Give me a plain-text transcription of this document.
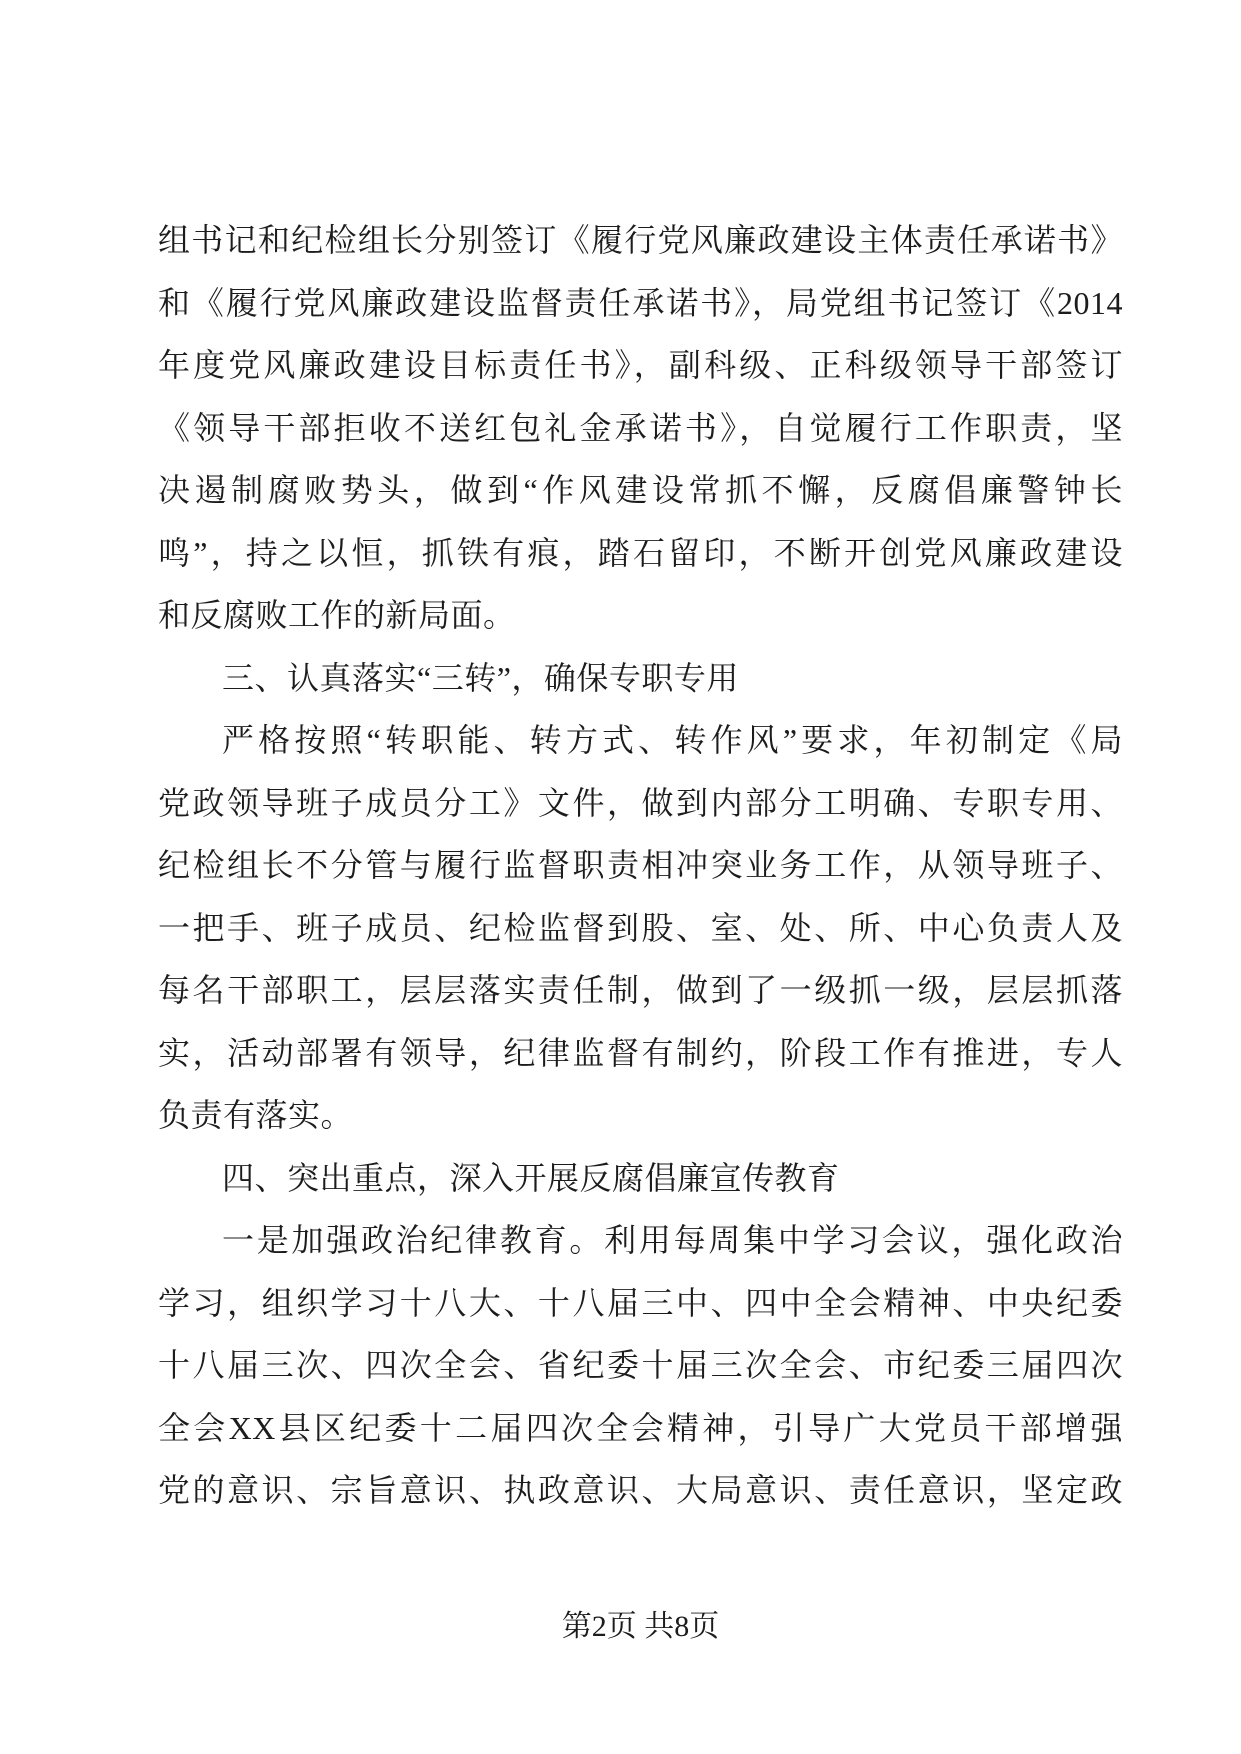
组书记和纪检组长分别签订《履行党风廉政建设主体责任承诺书》

和《履行党风廉政建设监督责任承诺书》，局党组书记签订《2014

年度党风廉政建设目标责任书》，副科级、正科级领导干部签订

《领导干部拒收不送红包礼金承诺书》，自觉履行工作职责，坚

决遏制腐败势头，做到“作风建设常抓不懈，反腐倡廉警钟长

鸣”，持之以恒，抓铁有痕，踏石留印，不断开创党风廉政建设

和反腐败工作的新局面。

三、认真落实“三转”，确保专职专用

严格按照“转职能、转方式、转作风”要求，年初制定《局

党政领导班子成员分工》文件，做到内部分工明确、专职专用、

纪检组长不分管与履行监督职责相冲突业务工作，从领导班子、

一把手、班子成员、纪检监督到股、室、处、所、中心负责人及

每名干部职工，层层落实责任制，做到了一级抓一级，层层抓落

实，活动部署有领导，纪律监督有制约，阶段工作有推进，专人

负责有落实。

四、突出重点，深入开展反腐倡廉宣传教育

一是加强政治纪律教育。利用每周集中学习会议，强化政治

学习，组织学习十八大、十八届三中、四中全会精神、中央纪委

十八届三次、四次全会、省纪委十届三次全会、市纪委三届四次

全会XX县区纪委十二届四次全会精神，引导广大党员干部增强

党的意识、宗旨意识、执政意识、大局意识、责任意识，坚定政

第2页 共8页
